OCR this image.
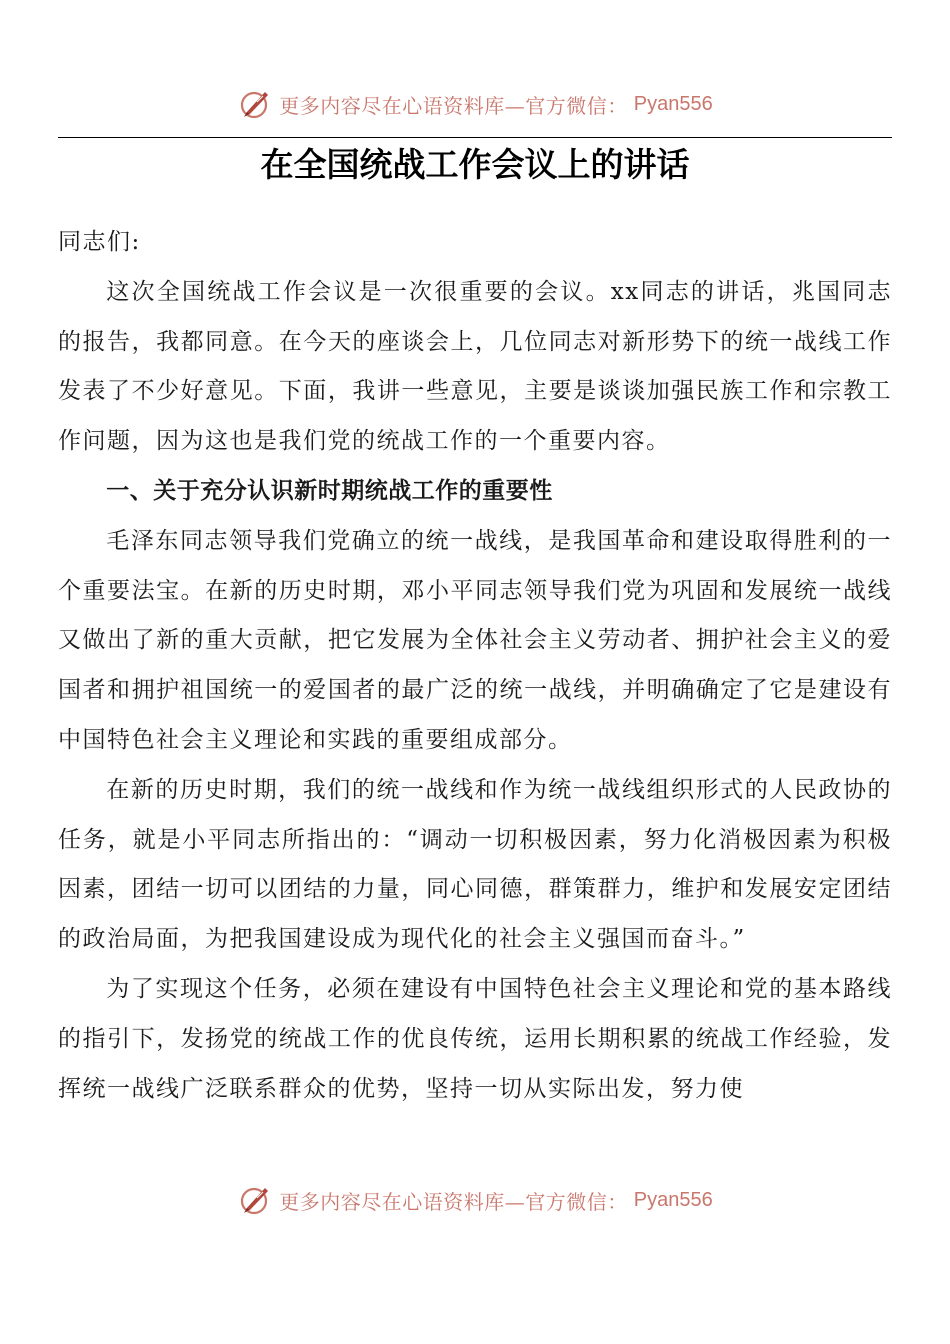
更多内容尽在心语资料库—官方微信： Pyan556
在全国统战工作会议上的讲话

同志们:

这次全国统战工作会议是一次很重要的会议。xx同志的讲话，兆国同志的报告，我都同意。在今天的座谈会上，几位同志对新形势下的统一战线工作发表了不少好意见。下面，我讲一些意见，主要是谈谈加强民族工作和宗教工作问题，因为这也是我们党的统战工作的一个重要内容。

一、关于充分认识新时期统战工作的重要性

毛泽东同志领导我们党确立的统一战线，是我国革命和建设取得胜利的一个重要法宝。在新的历史时期，邓小平同志领导我们党为巩固和发展统一战线又做出了新的重大贡献，把它发展为全体社会主义劳动者、拥护社会主义的爱国者和拥护祖国统一的爱国者的最广泛的统一战线，并明确确定了它是建设有中国特色社会主义理论和实践的重要组成部分。

在新的历史时期，我们的统一战线和作为统一战线组织形式的人民政协的任务，就是小平同志所指出的：“调动一切积极因素，努力化消极因素为积极因素，团结一切可以团结的力量，同心同德，群策群力，维护和发展安定团结的政治局面，为把我国建设成为现代化的社会主义强国而奋斗。”

为了实现这个任务，必须在建设有中国特色社会主义理论和党的基本路线的指引下，发扬党的统战工作的优良传统，运用长期积累的统战工作经验，发挥统一战线广泛联系群众的优势，坚持一切从实际出发，努力使

更多内容尽在心语资料库—官方微信： Pyan556
